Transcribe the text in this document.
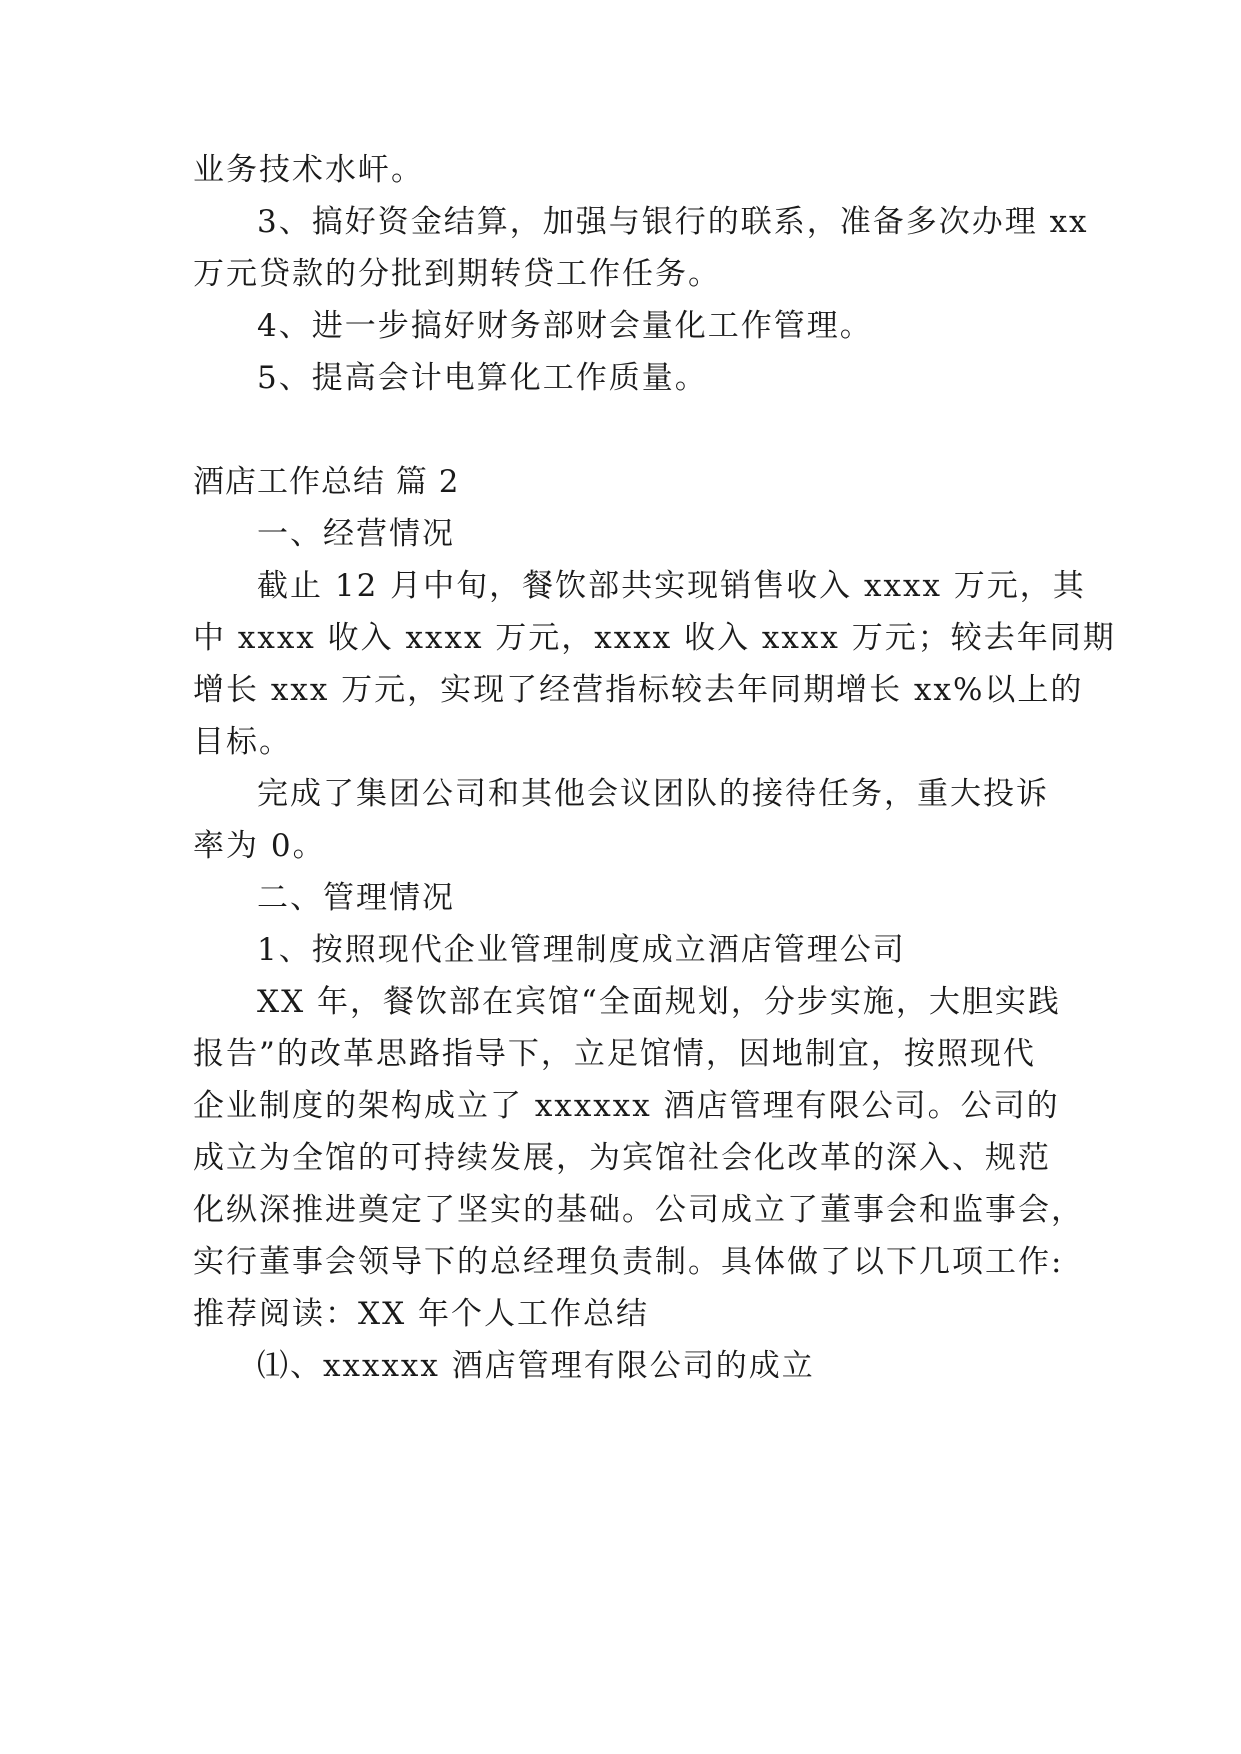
业务技术水屽。
3、搞好资金结算，加强与银行的联系，准备多次办理 xx
万元贷款的分批到期转贷工作任务。
4、进一步搞好财务部财会量化工作管理。
5、提高会计电算化工作质量。
酒店工作总结 篇 2
一、经营情况
截止 12 月中旬，餐饮部共实现销售收入 xxxx 万元，其
中 xxxx 收入 xxxx 万元，xxxx 收入 xxxx 万元；较去年同期
增长 xxx 万元，实现了经营指标较去年同期增长 xx%以上的
目标。
完成了集团公司和其他会议团队的接待任务，重大投诉
率为 0。
二、管理情况
1、按照现代企业管理制度成立酒店管理公司
XX 年，餐饮部在宾馆“全面规划，分步实施，大胆实践
报告”的改革思路指导下，立足馆情，因地制宜，按照现代
企业制度的架构成立了 xxxxxx 酒店管理有限公司。公司的
成立为全馆的可持续发展，为宾馆社会化改革的深入、规范
化纵深推进奠定了坚实的基础。公司成立了董事会和监事会，
实行董事会领导下的总经理负责制。具体做了以下几项工作:
推荐阅读：XX 年个人工作总结
⑴、xxxxxx 酒店管理有限公司的成立
